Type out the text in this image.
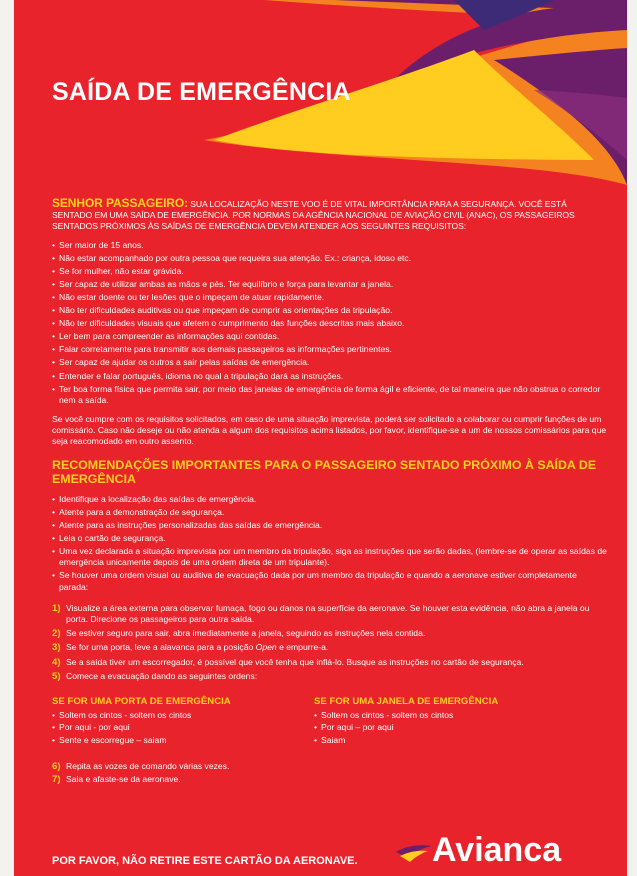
SAÍDA DE EMERGÊNCIA

SENHOR PASSAGEIRO: SUA LOCALIZAÇÃO NESTE VOO É DE VITAL IMPORTÂNCIA PARA A SEGURANÇA. VOCÊ ESTÁ SENTADO EM UMA SAÍDA DE EMERGÊNCIA. POR NORMAS DA AGÊNCIA NACIONAL DE AVIAÇÃO CIVIL (ANAC), OS PASSAGEIROS SENTADOS PRÓXIMOS ÀS SAÍDAS DE EMERGÊNCIA DEVEM ATENDER AOS SEGUINTES REQUISITOS:

• Ser maior de 15 anos.
• Não estar acompanhado por outra pessoa que requeira sua atenção. Ex.: criança, idoso etc.
• Se for mulher, não estar grávida.
• Ser capaz de utilizar ambas as mãos e pés. Ter equilíbrio e força para levantar a janela.
• Não estar doente ou ter lesões que o impeçam de atuar rapidamente.
• Não ter dificuldades auditivas ou que impeçam de cumprir as orientações da tripulação.
• Não ter dificuldades visuais que afetem o cumprimento das funções descritas mais abaixo.
• Ler bem para compreender as informações aqui contidas.
• Falar corretamente para transmitir aos demais passageiros as informações pertinentes.
• Ser capaz de ajudar os outros a sair pelas saídas de emergência.
• Entender e falar português, idioma no qual a tripulação dará as instruções.
• Ter boa forma física que permita sair, por meio das janelas de emergência de forma ágil e eficiente, de tal maneira que não obstrua o corredor nem a saída.

Se você cumpre com os requisitos solicitados, em caso de uma situação imprevista, poderá ser solicitado a colaborar ou cumprir funções de um comissário. Caso não deseje ou não atenda a algum dos requisitos acima listados, por favor, identifique-se a um de nossos comissários para que seja reacomodado em outro assento.

RECOMENDAÇÕES IMPORTANTES PARA O PASSAGEIRO SENTADO PRÓXIMO À SAÍDA DE EMERGÊNCIA
• Identifique a localização das saídas de emergência.
• Atente para a demonstração de segurança.
• Atente para as instruções personalizadas das saídas de emergência.
• Leia o cartão de segurança.
• Uma vez declarada a situação imprevista por um membro da tripulação, siga as instruções que serão dadas, (lembre-se de operar as saídas de emergência unicamente depois de uma ordem direta de um tripulante).
• Se houver uma ordem visual ou auditiva de evacuação dada por um membro da tripulação e quando a aeronave estiver completamente parada:
1) Visualize a área externa para observar fumaça, fogo ou danos na superfície da aeronave. Se houver esta evidência, não abra a janela ou porta. Direcione os passageiros para outra saída.
2) Se estiver seguro para sair, abra imediatamente a janela, seguindo as instruções nela contida.
3) Se for uma porta, leve a alavanca para a posição Open e empurre-a.
4) Se a saída tiver um escorregador, é possível que você tenha que inflá-lo. Busque as instruções no cartão de segurança.
5) Comece a evacuação dando as seguintes ordens:
SE FOR UMA PORTA DE EMERGÊNCIA
• Soltem os cintos - soltem os cintos
• Por aqui - por aqui
• Sente e escorregue – saiam
SE FOR UMA JANELA DE EMERGÊNCIA
• Soltem os cintos - soltem os cintos
• Por aqui – por aqui
• Saiam
6) Repita as vozes de comando várias vezes.
7) Saia e afaste-se da aeronave.

POR FAVOR, NÃO RETIRE ESTE CARTÃO DA AERONAVE. Avianca
